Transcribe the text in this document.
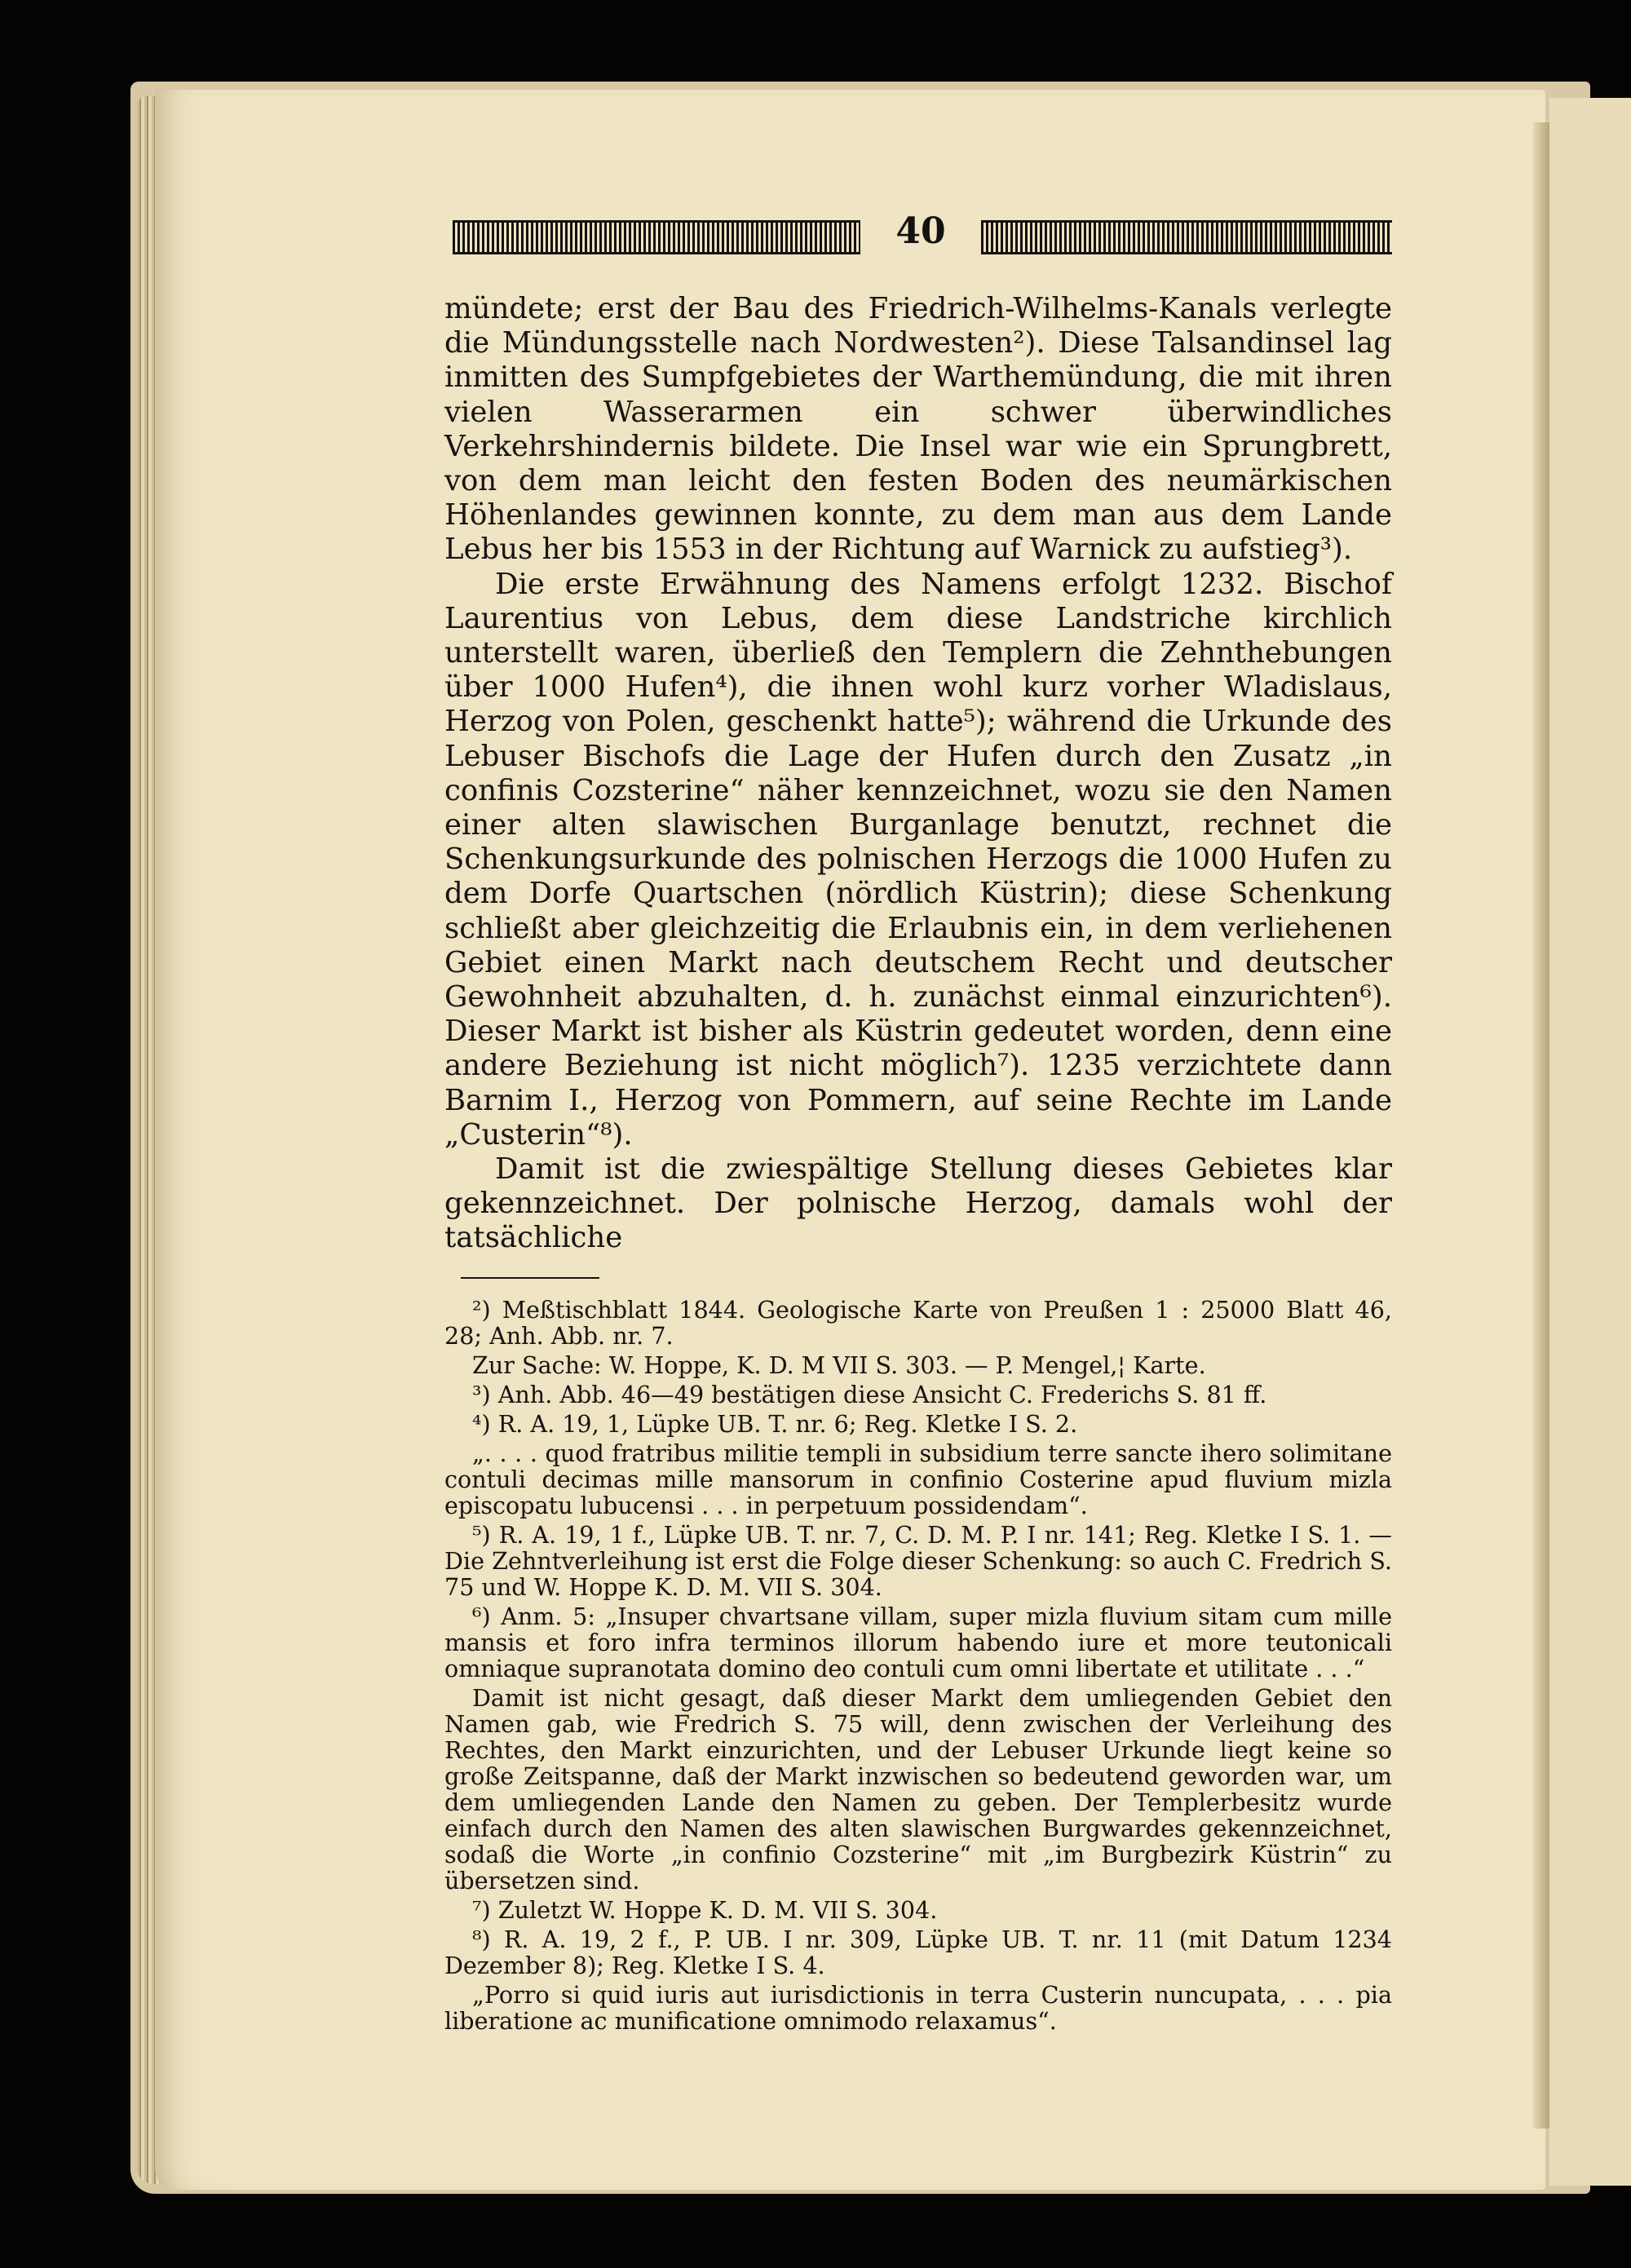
40

mündete; erst der Bau des Friedrich-Wilhelms-Kanals verlegte die Mündungsstelle nach Nordwesten²). Diese Talsandinsel lag inmitten des Sumpfgebietes der Warthemündung, die mit ihren vielen Wasserarmen ein schwer überwindliches Verkehrshindernis bildete. Die Insel war wie ein Sprungbrett, von dem man leicht den festen Boden des neumärkischen Höhenlandes gewinnen konnte, zu dem man aus dem Lande Lebus her bis 1553 in der Richtung auf Warnick zu aufstieg³).

Die erste Erwähnung des Namens erfolgt 1232. Bischof Laurentius von Lebus, dem diese Landstriche kirchlich unterstellt waren, überließ den Templern die Zehnthebungen über 1000 Hufen⁴), die ihnen wohl kurz vorher Wladislaus, Herzog von Polen, geschenkt hatte⁵); während die Urkunde des Lebuser Bischofs die Lage der Hufen durch den Zusatz „in confinis Cozsterine“ näher kennzeichnet, wozu sie den Namen einer alten slawischen Burganlage benutzt, rechnet die Schenkungsurkunde des polnischen Herzogs die 1000 Hufen zu dem Dorfe Quartschen (nördlich Küstrin); diese Schenkung schließt aber gleichzeitig die Erlaubnis ein, in dem verliehenen Gebiet einen Markt nach deutschem Recht und deutscher Gewohnheit abzuhalten, d. h. zunächst einmal einzurichten⁶). Dieser Markt ist bisher als Küstrin gedeutet worden, denn eine andere Beziehung ist nicht möglich⁷). 1235 verzichtete dann Barnim I., Herzog von Pommern, auf seine Rechte im Lande „Custerin“⁸).

Damit ist die zwiespältige Stellung dieses Gebietes klar gekennzeichnet. Der polnische Herzog, damals wohl der tatsächliche

²) Meßtischblatt 1844. Geologische Karte von Preußen 1 : 25000 Blatt 46, 28; Anh. Abb. nr. 7.

Zur Sache: W. Hoppe, K. D. M VII S. 303. — P. Mengel,¦ Karte.

³) Anh. Abb. 46—49 bestätigen diese Ansicht C. Frederichs S. 81 ff.

⁴) R. A. 19, 1, Lüpke UB. T. nr. 6; Reg. Kletke I S. 2.

„. . . . quod fratribus militie templi in subsidium terre sancte ihero solimitane contuli decimas mille mansorum in confinio Costerine apud fluvium mizla episcopatu lubucensi . . . in perpetuum possidendam“.

⁵) R. A. 19, 1 f., Lüpke UB. T. nr. 7, C. D. M. P. I nr. 141; Reg. Kletke I S. 1. — Die Zehntverleihung ist erst die Folge dieser Schenkung: so auch C. Fredrich S. 75 und W. Hoppe K. D. M. VII S. 304.

⁶) Anm. 5: „Insuper chvartsane villam, super mizla fluvium sitam cum mille mansis et foro infra terminos illorum habendo iure et more teutonicali omniaque supranotata domino deo contuli cum omni libertate et utilitate . . .“

Damit ist nicht gesagt, daß dieser Markt dem umliegenden Gebiet den Namen gab, wie Fredrich S. 75 will, denn zwischen der Verleihung des Rechtes, den Markt einzurichten, und der Lebuser Urkunde liegt keine so große Zeitspanne, daß der Markt inzwischen so bedeutend geworden war, um dem umliegenden Lande den Namen zu geben. Der Templerbesitz wurde einfach durch den Namen des alten slawischen Burgwardes gekennzeichnet, sodaß die Worte „in confinio Cozsterine“ mit „im Burgbezirk Küstrin“ zu übersetzen sind.

⁷) Zuletzt W. Hoppe K. D. M. VII S. 304.

⁸) R. A. 19, 2 f., P. UB. I nr. 309, Lüpke UB. T. nr. 11 (mit Datum 1234 Dezember 8); Reg. Kletke I S. 4.

„Porro si quid iuris aut iurisdictionis in terra Custerin nuncupata, . . . pia liberatione ac munificatione omnimodo relaxamus“.
